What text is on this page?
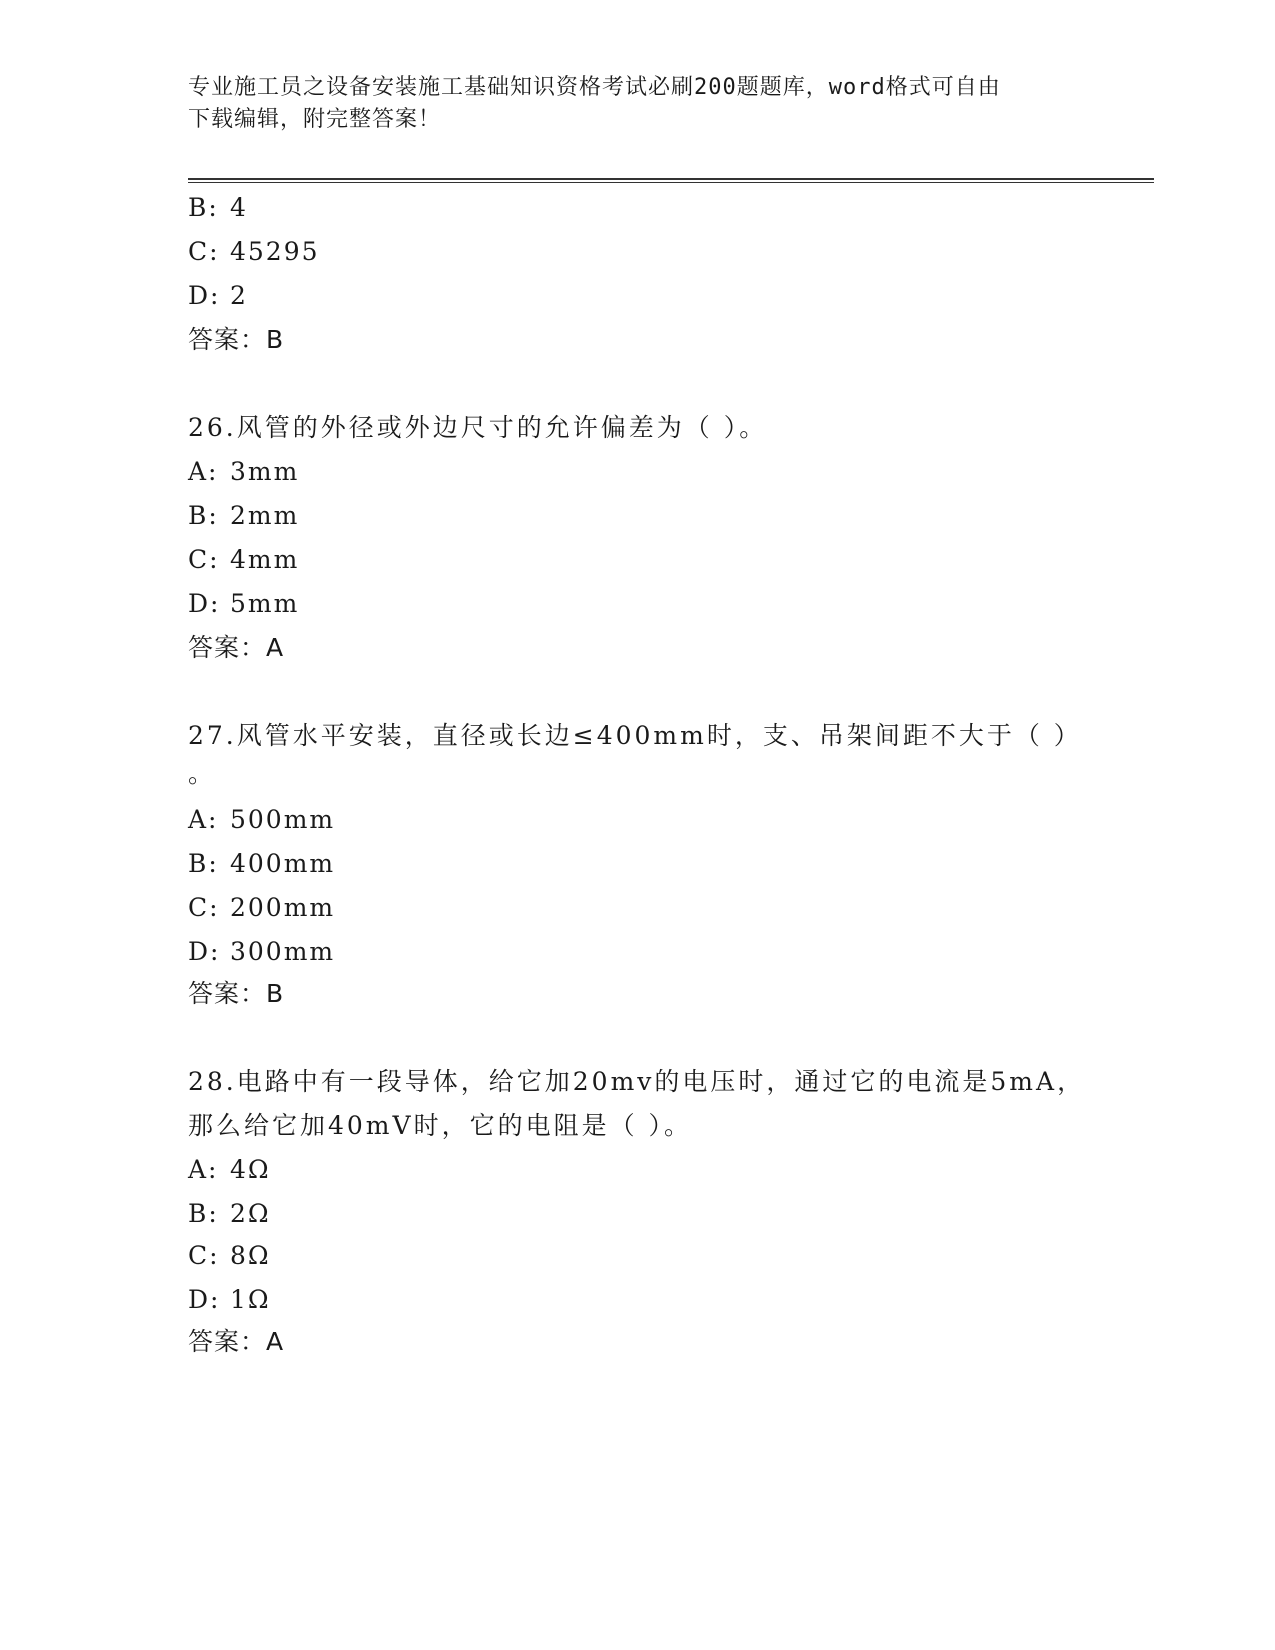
专业施工员之设备安装施工基础知识资格考试必刷200题题库，word格式可自由
下载编辑，附完整答案！
B: 4
C: 45295
D: 2
答案：B
26.风管的外径或外边尺寸的允许偏差为（ ）。
A: 3mm
B: 2mm
C: 4mm
D: 5mm
答案：A
27.风管水平安装，直径或长边≤400mm时，支、吊架间距不大于（ ）
。
A: 500mm
B: 400mm
C: 200mm
D: 300mm
答案：B
28.电路中有一段导体，给它加20mv的电压时，通过它的电流是5mA，
那么给它加40mV时，它的电阻是（ ）。
A: 4Ω
B: 2Ω
C: 8Ω
D: 1Ω
答案：A
